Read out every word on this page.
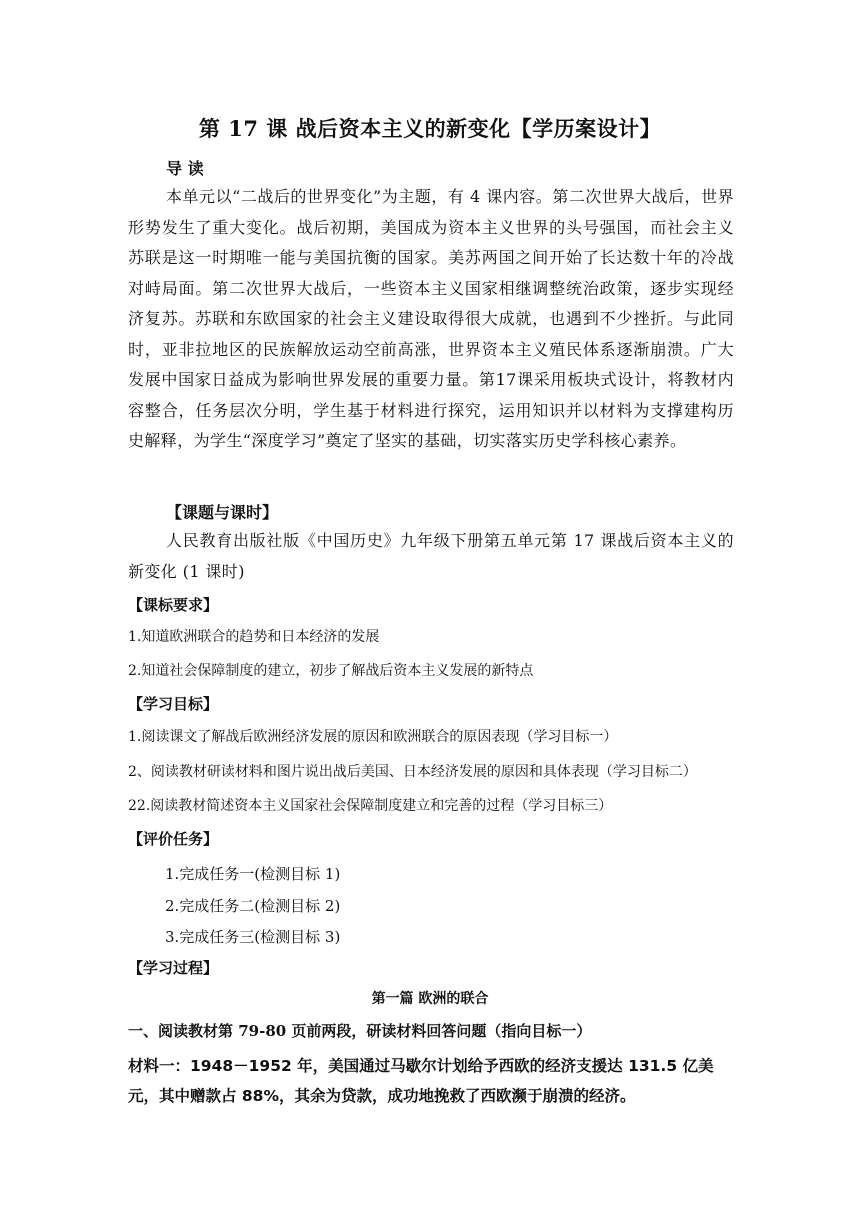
第 17 课 战后资本主义的新变化【学历案设计】
导 读

本单元以“二战后的世界变化”为主题，有 4 课内容。第二次世界大战后，世界形势发生了重大变化。战后初期，美国成为资本主义世界的头号强国，而社会主义苏联是这一时期唯一能与美国抗衡的国家。美苏两国之间开始了长达数十年的冷战对峙局面。第二次世界大战后，一些资本主义国家相继调整统治政策，逐步实现经济复苏。苏联和东欧国家的社会主义建设取得很大成就，也遇到不少挫折。与此同时，亚非拉地区的民族解放运动空前高涨，世界资本主义殖民体系逐渐崩溃。广大发展中国家日益成为影响世界发展的重要力量。第17课采用板块式设计，将教材内容整合，任务层次分明，学生基于材料进行探究，运用知识并以材料为支撑建构历史解释，为学生“深度学习”奠定了坚实的基础，切实落实历史学科核心素养。

【课题与课时】

人民教育出版社版《中国历史》九年级下册第五单元第 17 课战后资本主义的新变化 (1 课时)

【课标要求】
1.知道欧洲联合的趋势和日本经济的发展
2.知道社会保障制度的建立，初步了解战后资本主义发展的新特点
【学习目标】
1.阅读课文了解战后欧洲经济发展的原因和欧洲联合的原因表现（学习目标一）
2、阅读教材研读材料和图片说出战后美国、日本经济发展的原因和具体表现（学习目标二）
22.阅读教材简述资本主义国家社会保障制度建立和完善的过程（学习目标三）
【评价任务】
1.完成任务一(检测目标 1)
2.完成任务二(检测目标 2)
3.完成任务三(检测目标 3)
【学习过程】
第一篇 欧洲的联合
一、阅读教材第 79-80 页前两段，研读材料回答问题（指向目标一）

材料一：1948－1952 年，美国通过马歇尔计划给予西欧的经济支援达 131.5 亿美元，其中赠款占 88%，其余为贷款，成功地挽救了西欧濒于崩溃的经济。
